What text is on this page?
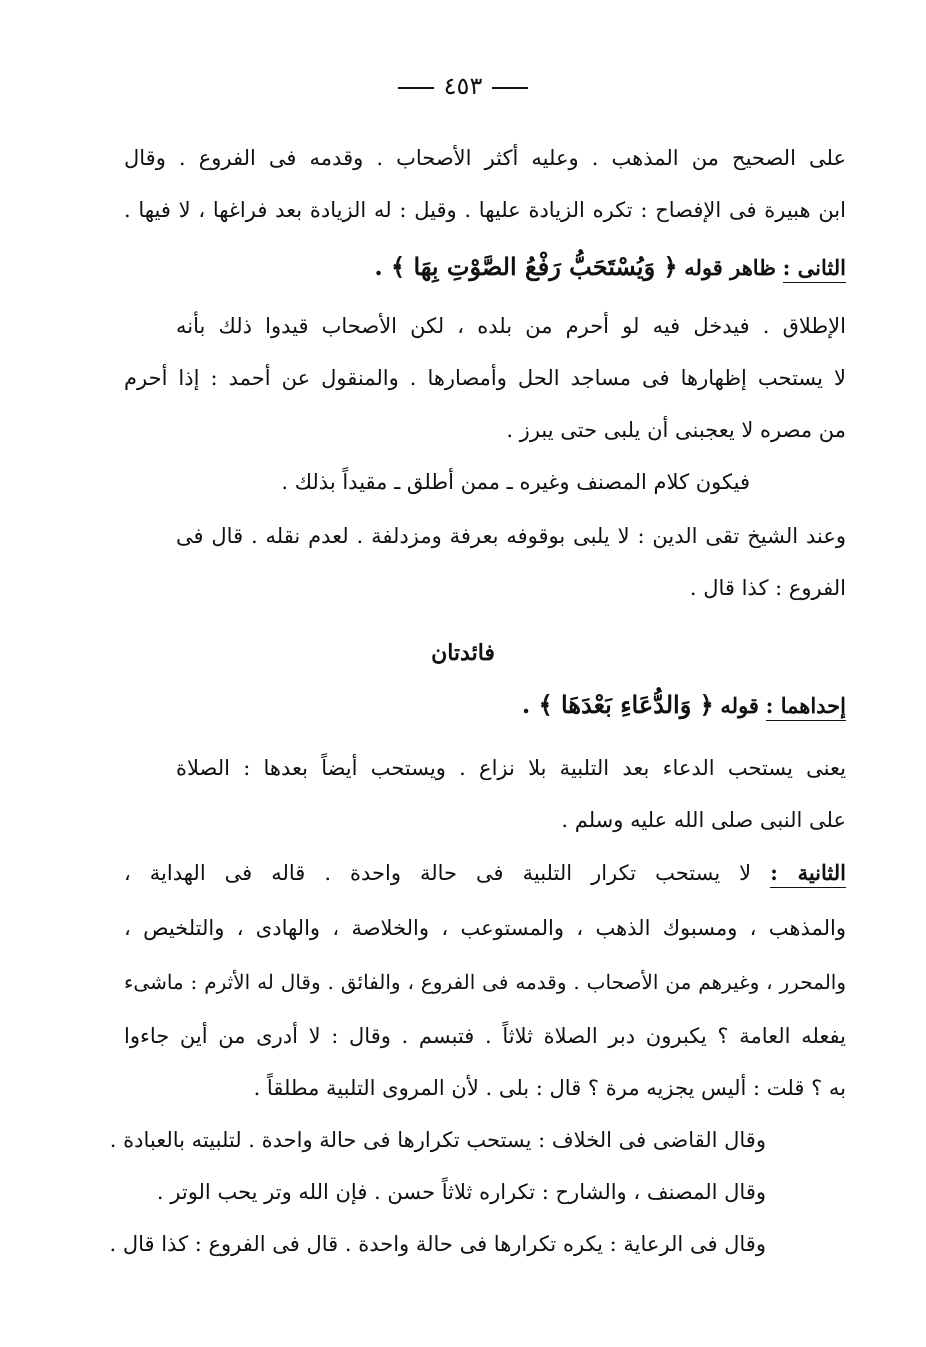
٤٥٣
على الصحيح من المذهب . وعليه أكثر الأصحاب . وقدمه فى الفروع . وقال
ابن هبيرة فى الإفصاح : تكره الزيادة عليها . وقيل : له الزيادة بعد فراغها ، لا فيها .
الثانى : ظاهر قوله ﴿ وَيُسْتَحَبُّ رَفْعُ الصَّوْتِ بِهَا ﴾ .
الإطلاق . فيدخل فيه لو أحرم من بلده ، لكن الأصحاب قيدوا ذلك بأنه
لا يستحب إظهارها فى مساجد الحل وأمصارها . والمنقول عن أحمد : إذا أحرم
من مصره لا يعجبنى أن يلبى حتى يبرز .
فيكون كلام المصنف وغيره ـ ممن أطلق ـ مقيداً بذلك .
وعند الشيخ تقى الدين : لا يلبى بوقوفه بعرفة ومزدلفة . لعدم نقله . قال فى
الفروع : كذا قال .
فائدتان
إحداهما : قوله ﴿ وَالدُّعَاءِ بَعْدَهَا ﴾ .
يعنى يستحب الدعاء بعد التلبية بلا نزاع . ويستحب أيضاً بعدها : الصلاة
على النبى صلى الله عليه وسلم .
الثانية : لا يستحب تكرار التلبية فى حالة واحدة . قاله فى الهداية ،
والمذهب ، ومسبوك الذهب ، والمستوعب ، والخلاصة ، والهادى ، والتلخيص ،
والمحرر ، وغيرهم من الأصحاب . وقدمه فى الفروع ، والفائق . وقال له الأثرم : ماشىء
يفعله العامة ؟ يكبرون دبر الصلاة ثلاثاً . فتبسم . وقال : لا أدرى من أين جاءوا
به ؟ قلت : أليس يجزيه مرة ؟ قال : بلى . لأن المروى التلبية مطلقاً .
وقال القاضى فى الخلاف : يستحب تكرارها فى حالة واحدة . لتلبيته بالعبادة .
وقال المصنف ، والشارح : تكراره ثلاثاً حسن . فإن الله وتر يحب الوتر .
وقال فى الرعاية : يكره تكرارها فى حالة واحدة . قال فى الفروع : كذا قال .
